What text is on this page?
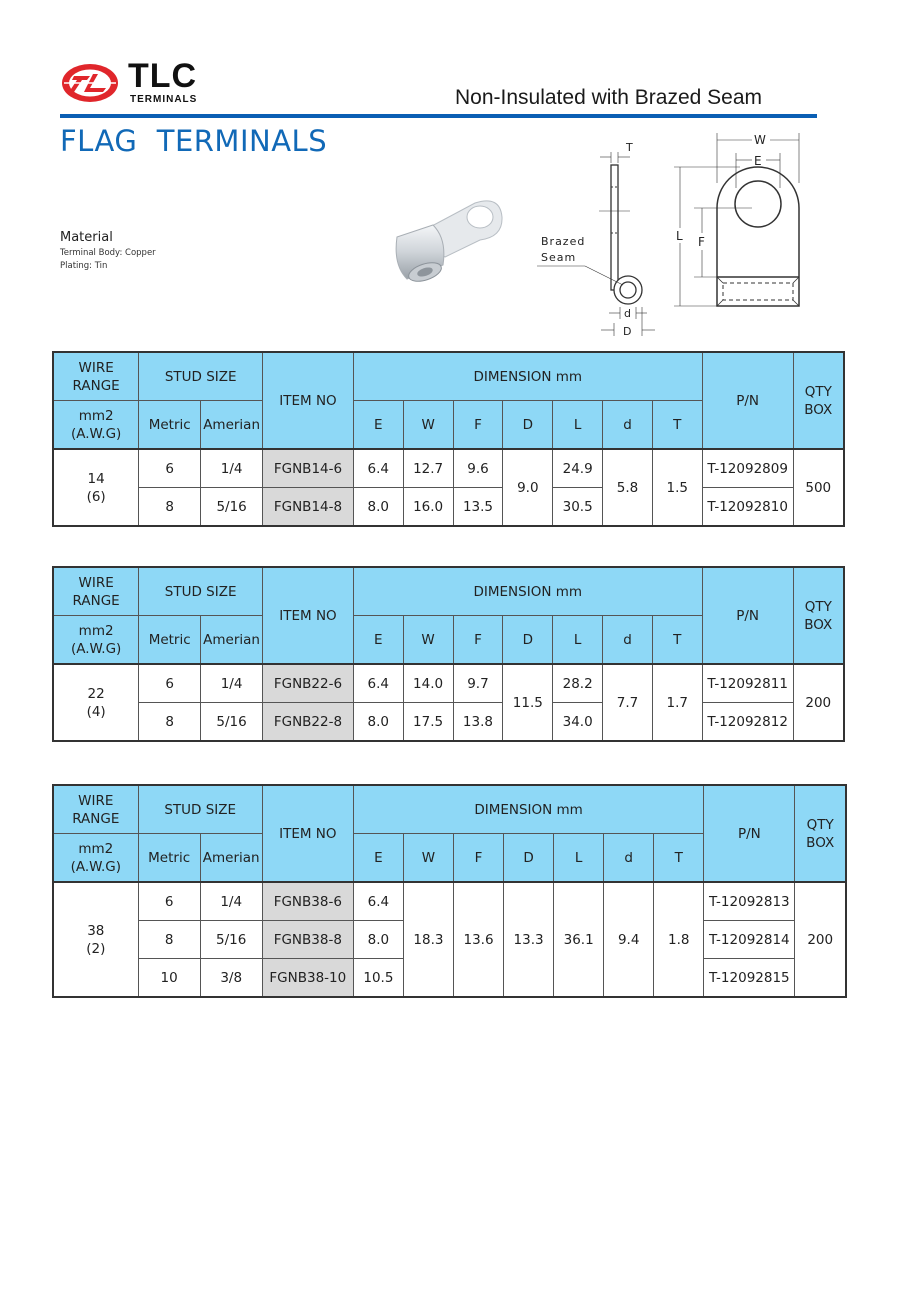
TLC
TERMINALS	Non-Insulated with Brazed Seam
FLAG  TERMINALS
Material
Terminal Body: Copper
Plating: Tin
T
d
D
Brazed
Seam
W
E
L F
WIRE
RANGE	STUD SIZE		ITEM NO	DIMENSION mm							P/N	QTY
BOX
mm2
(A.W.G)	Metric	Amerian		E	W	F	D	L	d	T		
14
(6)	6	1/4	FGNB14-6	6.4	12.7	9.6	9.0	24.9	5.8	1.5	T-12092809	500
	8	5/16	FGNB14-8	8.0	16.0	13.5		30.5			T-12092810	
WIRE
RANGE	STUD SIZE		ITEM NO	DIMENSION mm							P/N	QTY
BOX
mm2
(A.W.G)	Metric	Amerian		E	W	F	D	L	d	T		
22
(4)	6	1/4	FGNB22-6	6.4	14.0	9.7	11.5	28.2	7.7	1.7	T-12092811	200
	8	5/16	FGNB22-8	8.0	17.5	13.8		34.0			T-12092812	
WIRE
RANGE	STUD SIZE		ITEM NO	DIMENSION mm							P/N	QTY
BOX
mm2
(A.W.G)	Metric	Amerian		E	W	F	D	L	d	T		
38
(2)	6	1/4	FGNB38-6	6.4	18.3	13.6	13.3	36.1	9.4	1.8	T-12092813	200
	8	5/16	FGNB38-8	8.0							T-12092814	
	10	3/8	FGNB38-10	10.5							T-12092815	
